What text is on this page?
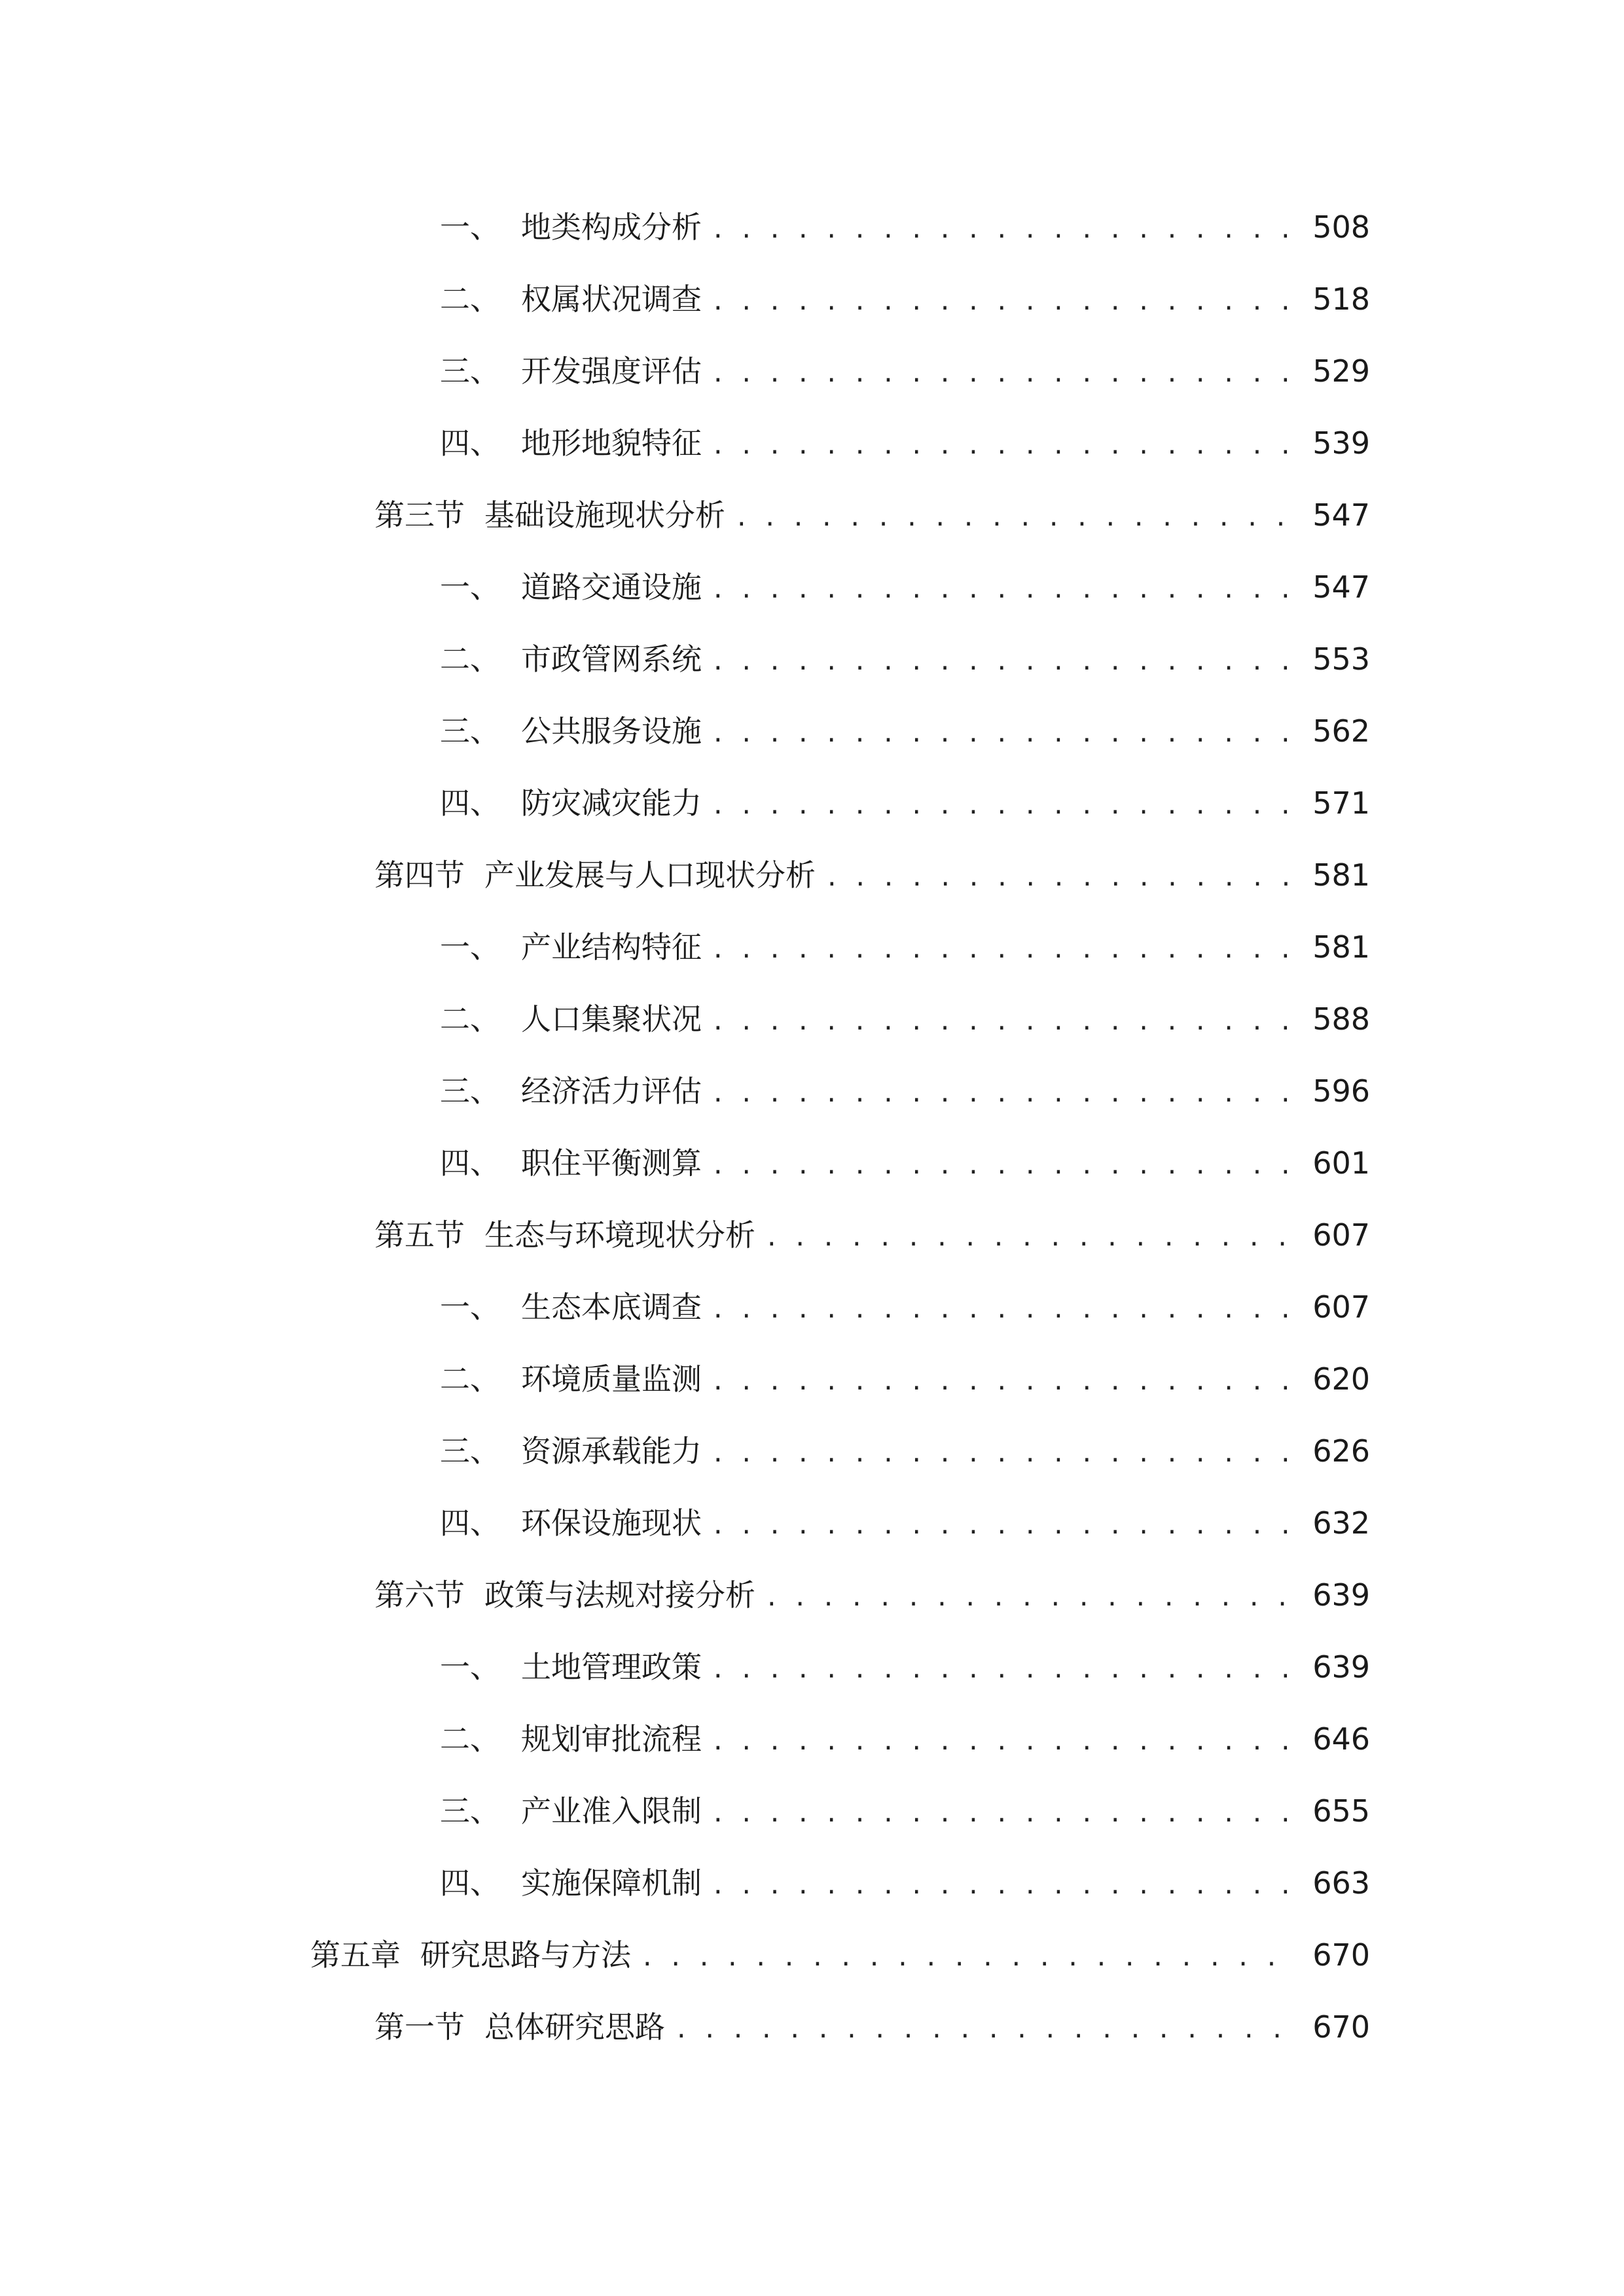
一、 地类构成分析 . . .	508
二、 权属状况调查 . . .	518
三、 开发强度评估 . . .	529
四、 地形地貌特征 . . .	539
第三节 基础设施现状分析 . . .	547
一、 道路交通设施 . . .	547
二、 市政管网系统 . . .	553
三、 公共服务设施 . . .	562
四、 防灾减灾能力 . . .	571
第四节 产业发展与人口现状分析 . . .	581
一、 产业结构特征 . . .	581
二、 人口集聚状况 . . .	588
三、 经济活力评估 . . .	596
四、 职住平衡测算 . . .	601
第五节 生态与环境现状分析 . . .	607
一、 生态本底调查 . . .	607
二、 环境质量监测 . . .	620
三、 资源承载能力 . . .	626
四、 环保设施现状 . . .	632
第六节 政策与法规对接分析 . . .	639
一、 土地管理政策 . . .	639
二、 规划审批流程 . . .	646
三、 产业准入限制 . . .	655
四、 实施保障机制 . . .	663
第五章 研究思路与方法 . . .	670
第一节 总体研究思路 . . .	670
